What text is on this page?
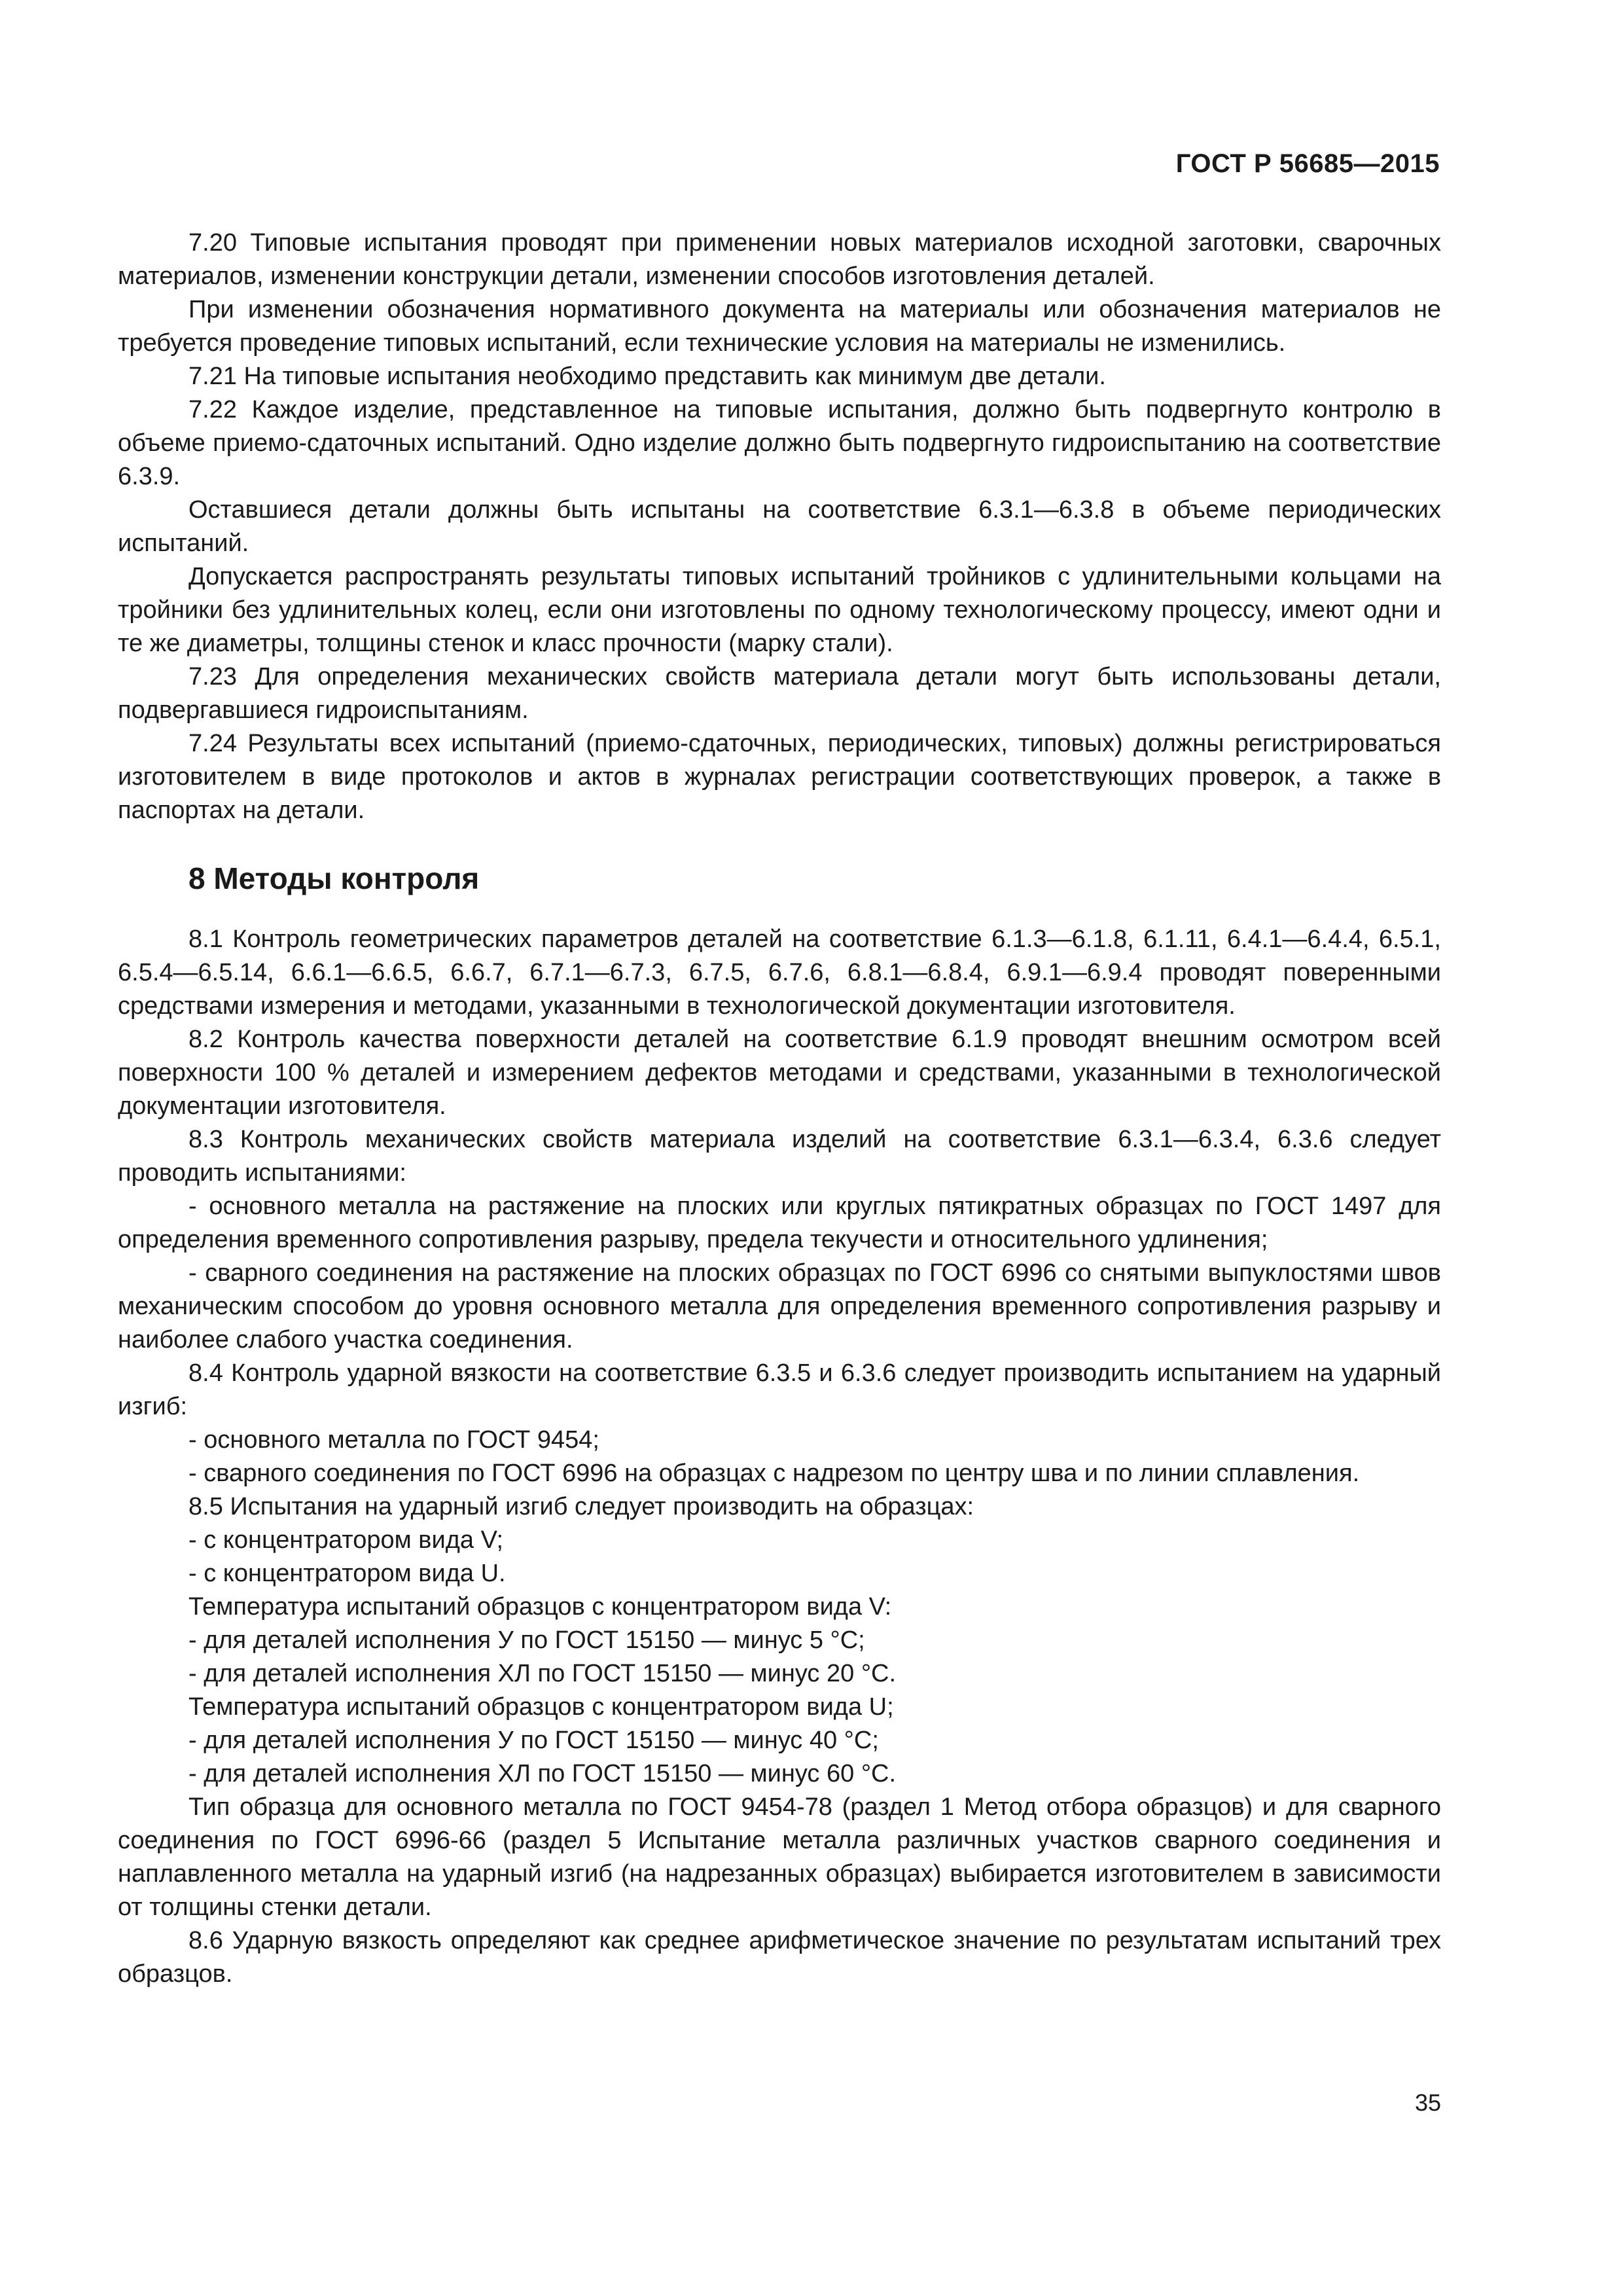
ГОСТ Р 56685—2015

7.20 Типовые испытания проводят при применении новых материалов исходной заготовки, сварочных материалов, изменении конструкции детали, изменении способов изготовления деталей.

При изменении обозначения нормативного документа на материалы или обозначения материалов не требуется проведение типовых испытаний, если технические условия на материалы не изменились.

7.21 На типовые испытания необходимо представить как минимум две детали.

7.22 Каждое изделие, представленное на типовые испытания, должно быть подвергнуто контролю в объеме приемо-сдаточных испытаний. Одно изделие должно быть подвергнуто гидроиспытанию на соответствие 6.3.9.

Оставшиеся детали должны быть испытаны на соответствие 6.3.1—6.3.8 в объеме периодических испытаний.

Допускается распространять результаты типовых испытаний тройников с удлинительными кольцами на тройники без удлинительных колец, если они изготовлены по одному технологическому процессу, имеют одни и те же диаметры, толщины стенок и класс прочности (марку стали).

7.23 Для определения механических свойств материала детали могут быть использованы детали, подвергавшиеся гидроиспытаниям.

7.24 Результаты всех испытаний (приемо-сдаточных, периодических, типовых) должны регистрироваться изготовителем в виде протоколов и актов в журналах регистрации соответствующих проверок, а также в паспортах на детали.

8 Методы контроля

8.1 Контроль геометрических параметров деталей на соответствие 6.1.3—6.1.8, 6.1.11, 6.4.1—6.4.4, 6.5.1, 6.5.4—6.5.14, 6.6.1—6.6.5, 6.6.7, 6.7.1—6.7.3, 6.7.5, 6.7.6, 6.8.1—6.8.4, 6.9.1—6.9.4 проводят поверенными средствами измерения и методами, указанными в технологической документации изготовителя.

8.2 Контроль качества поверхности деталей на соответствие 6.1.9 проводят внешним осмотром всей поверхности 100 % деталей и измерением дефектов методами и средствами, указанными в технологической документации изготовителя.

8.3 Контроль механических свойств материала изделий на соответствие 6.3.1—6.3.4, 6.3.6 следует проводить испытаниями:

- основного металла на растяжение на плоских или круглых пятикратных образцах по ГОСТ 1497 для определения временного сопротивления разрыву, предела текучести и относительного удлинения;

- сварного соединения на растяжение на плоских образцах по ГОСТ 6996 со снятыми выпуклостями швов механическим способом до уровня основного металла для определения временного сопротивления разрыву и наиболее слабого участка соединения.

8.4 Контроль ударной вязкости на соответствие 6.3.5 и 6.3.6 следует производить испытанием на ударный изгиб:

- основного металла по ГОСТ 9454;

- сварного соединения по ГОСТ 6996 на образцах с надрезом по центру шва и по линии сплавления.

8.5 Испытания на ударный изгиб следует производить на образцах:

- с концентратором вида V;

- с концентратором вида U.

Температура испытаний образцов с концентратором вида V:

- для деталей исполнения У по ГОСТ 15150 — минус 5 °С;

- для деталей исполнения ХЛ по ГОСТ 15150 — минус 20 °С.

Температура испытаний образцов с концентратором вида U;

- для деталей исполнения У по ГОСТ 15150 — минус 40 °С;

- для деталей исполнения ХЛ по ГОСТ 15150 — минус 60 °С.

Тип образца для основного металла по ГОСТ 9454-78 (раздел 1 Метод отбора образцов) и для сварного соединения по ГОСТ 6996-66 (раздел 5 Испытание металла различных участков сварного соединения и наплавленного металла на ударный изгиб (на надрезанных образцах) выбирается изготовителем в зависимости от толщины стенки детали.

8.6 Ударную вязкость определяют как среднее арифметическое значение по результатам испытаний трех образцов.

35
